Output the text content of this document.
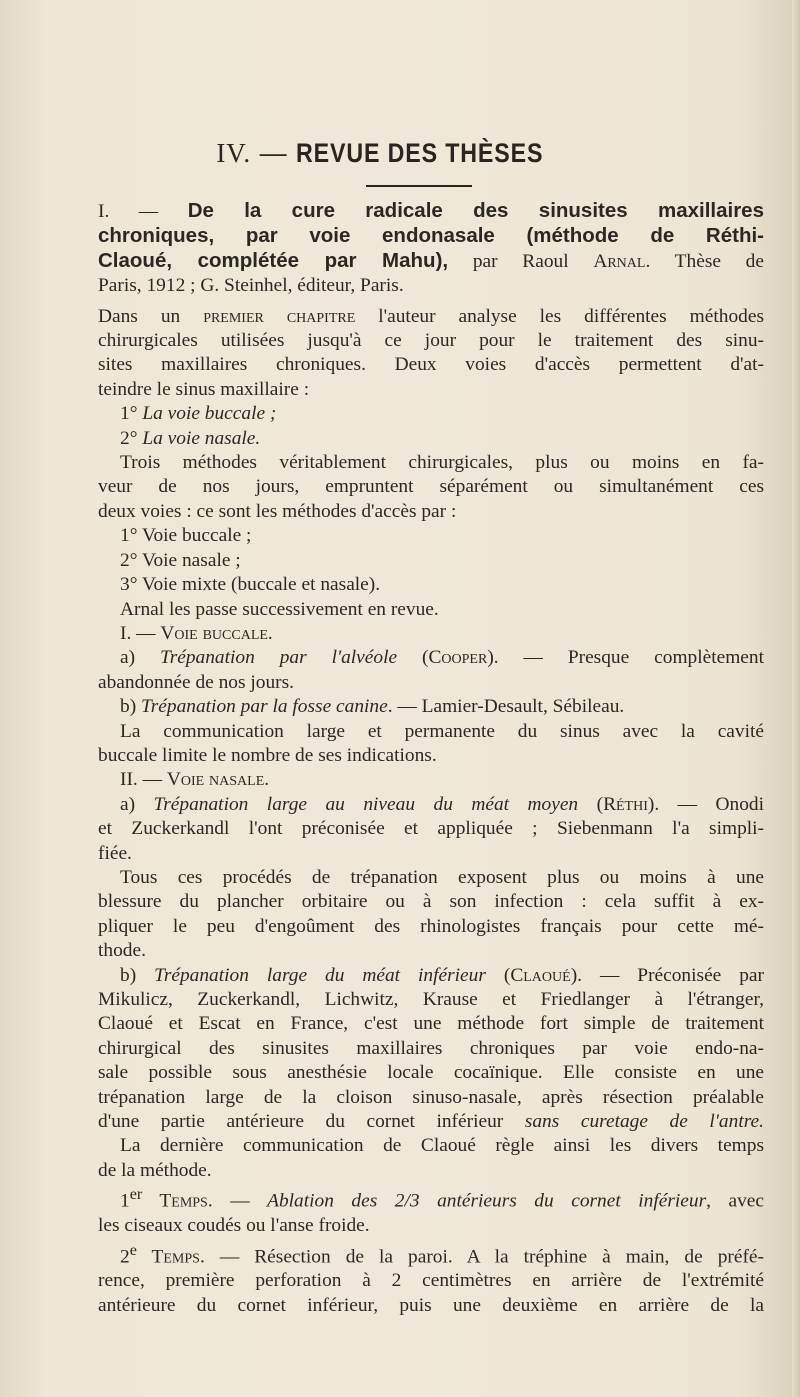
IV. — REVUE DES THÈSES
I. — De la cure radicale des sinusites maxillaires
chroniques, par voie endonasale (méthode de Réthi-
Claoué, complétée par Mahu), par Raoul Arnal. Thèse de
Paris, 1912 ; G. Steinhel, éditeur, Paris.
Dans un premier chapitre l'auteur analyse les différentes méthodes
chirurgicales utilisées jusqu'à ce jour pour le traitement des sinu-
sites maxillaires chroniques. Deux voies d'accès permettent d'at-
teindre le sinus maxillaire :
1° La voie buccale ;
2° La voie nasale.
Trois méthodes véritablement chirurgicales, plus ou moins en fa-
veur de nos jours, empruntent séparément ou simultanément ces
deux voies : ce sont les méthodes d'accès par :
1° Voie buccale ;
2° Voie nasale ;
3° Voie mixte (buccale et nasale).
Arnal les passe successivement en revue.
I. — Voie buccale.
a) Trépanation par l'alvéole (Cooper). — Presque complètement
abandonnée de nos jours.
b) Trépanation par la fosse canine. — Lamier-Desault, Sébileau.
La communication large et permanente du sinus avec la cavité
buccale limite le nombre de ses indications.
II. — Voie nasale.
a) Trépanation large au niveau du méat moyen (Réthi). — Onodi
et Zuckerkandl l'ont préconisée et appliquée ; Siebenmann l'a simpli-
fiée.
Tous ces procédés de trépanation exposent plus ou moins à une
blessure du plancher orbitaire ou à son infection : cela suffit à ex-
pliquer le peu d'engoûment des rhinologistes français pour cette mé-
thode.
b) Trépanation large du méat inférieur (Claoué). — Préconisée par
Mikulicz, Zuckerkandl, Lichwitz, Krause et Friedlanger à l'étranger,
Claoué et Escat en France, c'est une méthode fort simple de traitement
chirurgical des sinusites maxillaires chroniques par voie endo-na-
sale possible sous anesthésie locale cocaïnique. Elle consiste en une
trépanation large de la cloison sinuso-nasale, après résection préalable
d'une partie antérieure du cornet inférieur sans curetage de l'antre.
La dernière communication de Claoué règle ainsi les divers temps
de la méthode.
1er Temps. — Ablation des 2/3 antérieurs du cornet inférieur, avec
les ciseaux coudés ou l'anse froide.
2e Temps. — Résection de la paroi. A la tréphine à main, de préfé-
rence, première perforation à 2 centimètres en arrière de l'extrémité
antérieure du cornet inférieur, puis une deuxième en arrière de la
